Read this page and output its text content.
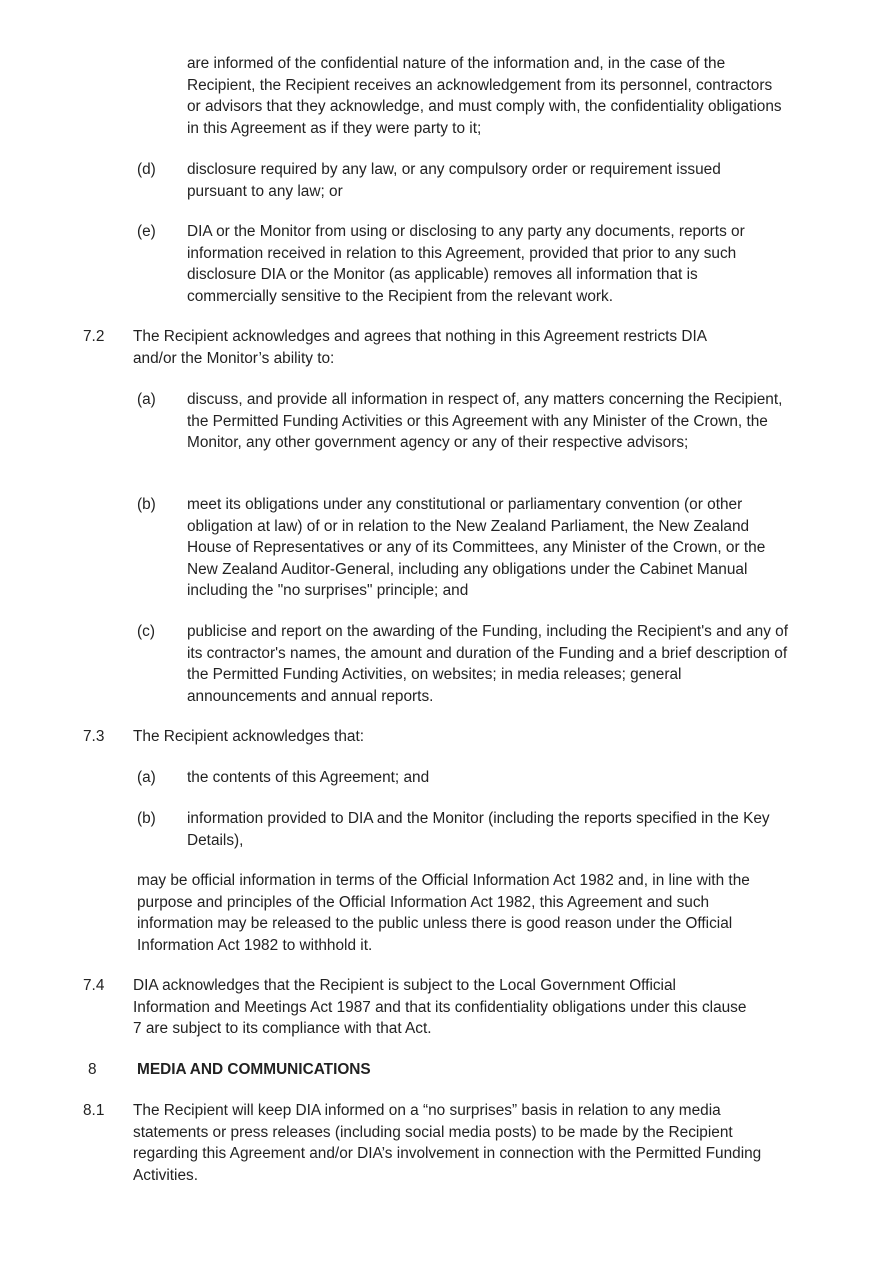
are informed of the confidential nature of the information and, in the case of the Recipient, the Recipient receives an acknowledgement from its personnel, contractors or advisors that they acknowledge, and must comply with, the confidentiality obligations in this Agreement as if they were party to it;
(d) disclosure required by any law, or any compulsory order or requirement issued pursuant to any law; or
(e) DIA or the Monitor from using or disclosing to any party any documents, reports or information received in relation to this Agreement, provided that prior to any such disclosure DIA or the Monitor (as applicable) removes all information that is commercially sensitive to the Recipient from the relevant work.
7.2 The Recipient acknowledges and agrees that nothing in this Agreement restricts DIA and/or the Monitor’s ability to:
(a) discuss, and provide all information in respect of, any matters concerning the Recipient, the Permitted Funding Activities or this Agreement with any Minister of the Crown, the Monitor, any other government agency or any of their respective advisors;
(b) meet its obligations under any constitutional or parliamentary convention (or other obligation at law) of or in relation to the New Zealand Parliament, the New Zealand House of Representatives or any of its Committees, any Minister of the Crown, or the New Zealand Auditor-General, including any obligations under the Cabinet Manual including the "no surprises" principle; and
(c) publicise and report on the awarding of the Funding, including the Recipient's and any of its contractor's names, the amount and duration of the Funding and a brief description of the Permitted Funding Activities, on websites; in media releases; general announcements and annual reports.
7.3 The Recipient acknowledges that:
(a) the contents of this Agreement; and
(b) information provided to DIA and the Monitor (including the reports specified in the Key Details),
may be official information in terms of the Official Information Act 1982 and, in line with the purpose and principles of the Official Information Act 1982, this Agreement and such information may be released to the public unless there is good reason under the Official Information Act 1982 to withhold it.
7.4 DIA acknowledges that the Recipient is subject to the Local Government Official Information and Meetings Act 1987 and that its confidentiality obligations under this clause 7 are subject to its compliance with that Act.
8	MEDIA AND COMMUNICATIONS
8.1 The Recipient will keep DIA informed on a “no surprises” basis in relation to any media statements or press releases (including social media posts) to be made by the Recipient regarding this Agreement and/or DIA’s involvement in connection with the Permitted Funding Activities.
